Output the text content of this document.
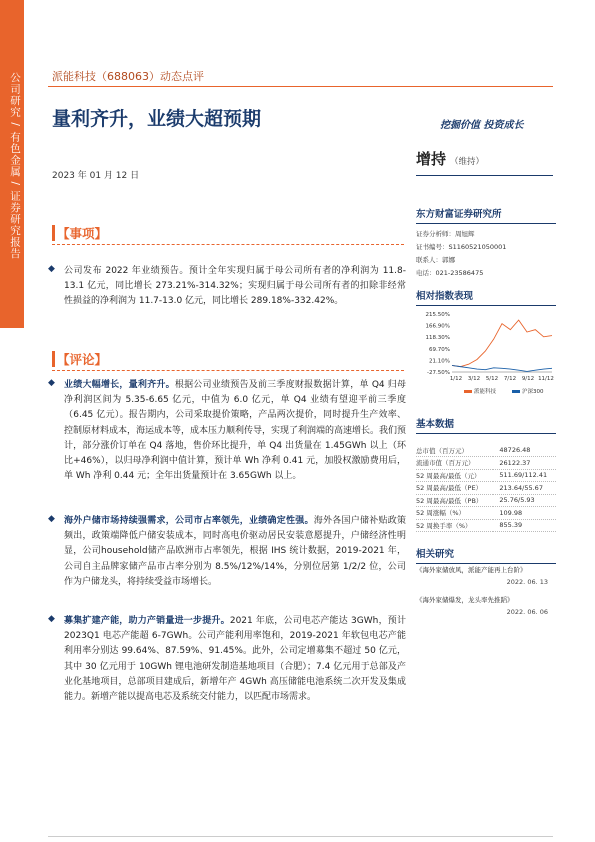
公司研究 / 有色金属 / 证券研究报告	派能科技（688063）动态点评
量利齐升，业绩大超预期	挖掘价值 投资成长
2023 年 01 月 12 日
增持 （维持）
东方财富证券研究所
证券分析师：周旭辉
证书编号：S1160521050001
联系人：郭娜
电话：021-23586475
相对指数表现
215.50%
166.90%
118.30%
69.70%
21.10%
-27.50%
1/12 3/12 5/12 7/12 9/12 11/12
派能科技	沪深300
基本数据
总市值（百万元）	48726.48
流通市值（百万元）	26122.37
52 周最高/最低（元）	511.69/112.41
52 周最高/最低（PE）	213.64/55.67
52 周最高/最低（PB）	25.76/5.93
52 周涨幅（%）	109.98
52 周换手率（%）	855.39
相关研究
《海外家储放风，派能产能再上台阶》
2022. 06. 13
《海外家储爆发，龙头率先推蹈》
2022. 06. 06
【事项】
◆ 公司发布 2022 年业绩预告。预计全年实现归属于母公司所有者的净利润为 11.8-13.1 亿元，同比增长 273.21%-314.32%；实现归属于母公司所有者的扣除非经常性损益的净利润为 11.7-13.0 亿元，同比增长 289.18%-332.42%。
【评论】
◆ 业绩大幅增长，量利齐升。根据公司业绩预告及前三季度财报数据计算，单 Q4 归母净利润区间为 5.35-6.65 亿元，中值为 6.0 亿元，单 Q4 业绩有望迎平前三季度（6.45 亿元）。报告期内，公司采取提价策略，产品两次提价，同时提升生产效率、控制原材料成本，海运成本等，成本压力顺利传导，实现了利润端的高速增长。我们预计，部分涨价订单在 Q4 落地，售价环比提升，单 Q4 出货量在 1.45GWh 以上（环比+46%），以归母净利润中值计算，预计单 Wh 净利 0.41 元，加股权激励费用后，单 Wh 净利 0.44 元；全年出货量预计在 3.65GWh 以上。
◆ 海外户储市场持续强需求，公司市占率领先，业绩确定性强。海外各国户储补贴政策频出，政策端降低户储安装成本，同时高电价驱动居民安装意愿提升，户储经济性明显，公司household储产品欧洲市占率领先，根据 IHS 统计数据，2019-2021 年，公司自主品牌家储产品市占率分别为 8.5%/12%/14%，分别位居第 1/2/2 位，公司作为户储龙头，将持续受益市场增长。
◆ 募集扩建产能，助力产销量进一步提升。2021 年底，公司电芯产能达 3GWh，预计 2023Q1 电芯产能超 6-7GWh。公司产能利用率饱和，2019-2021 年软包电芯产能利用率分别达 99.64%、87.59%、91.45%。此外，公司定增募集不超过 50 亿元，其中 30 亿元用于 10GWh 锂电池研发制造基地项目（合肥）；7.4 亿元用于总部及产业化基地项目，总部项目建成后，新增年产 4GWh 高压储能电池系统二次开发及集成能力。新增产能以提高电芯及系统交付能力，以匹配市场需求。
